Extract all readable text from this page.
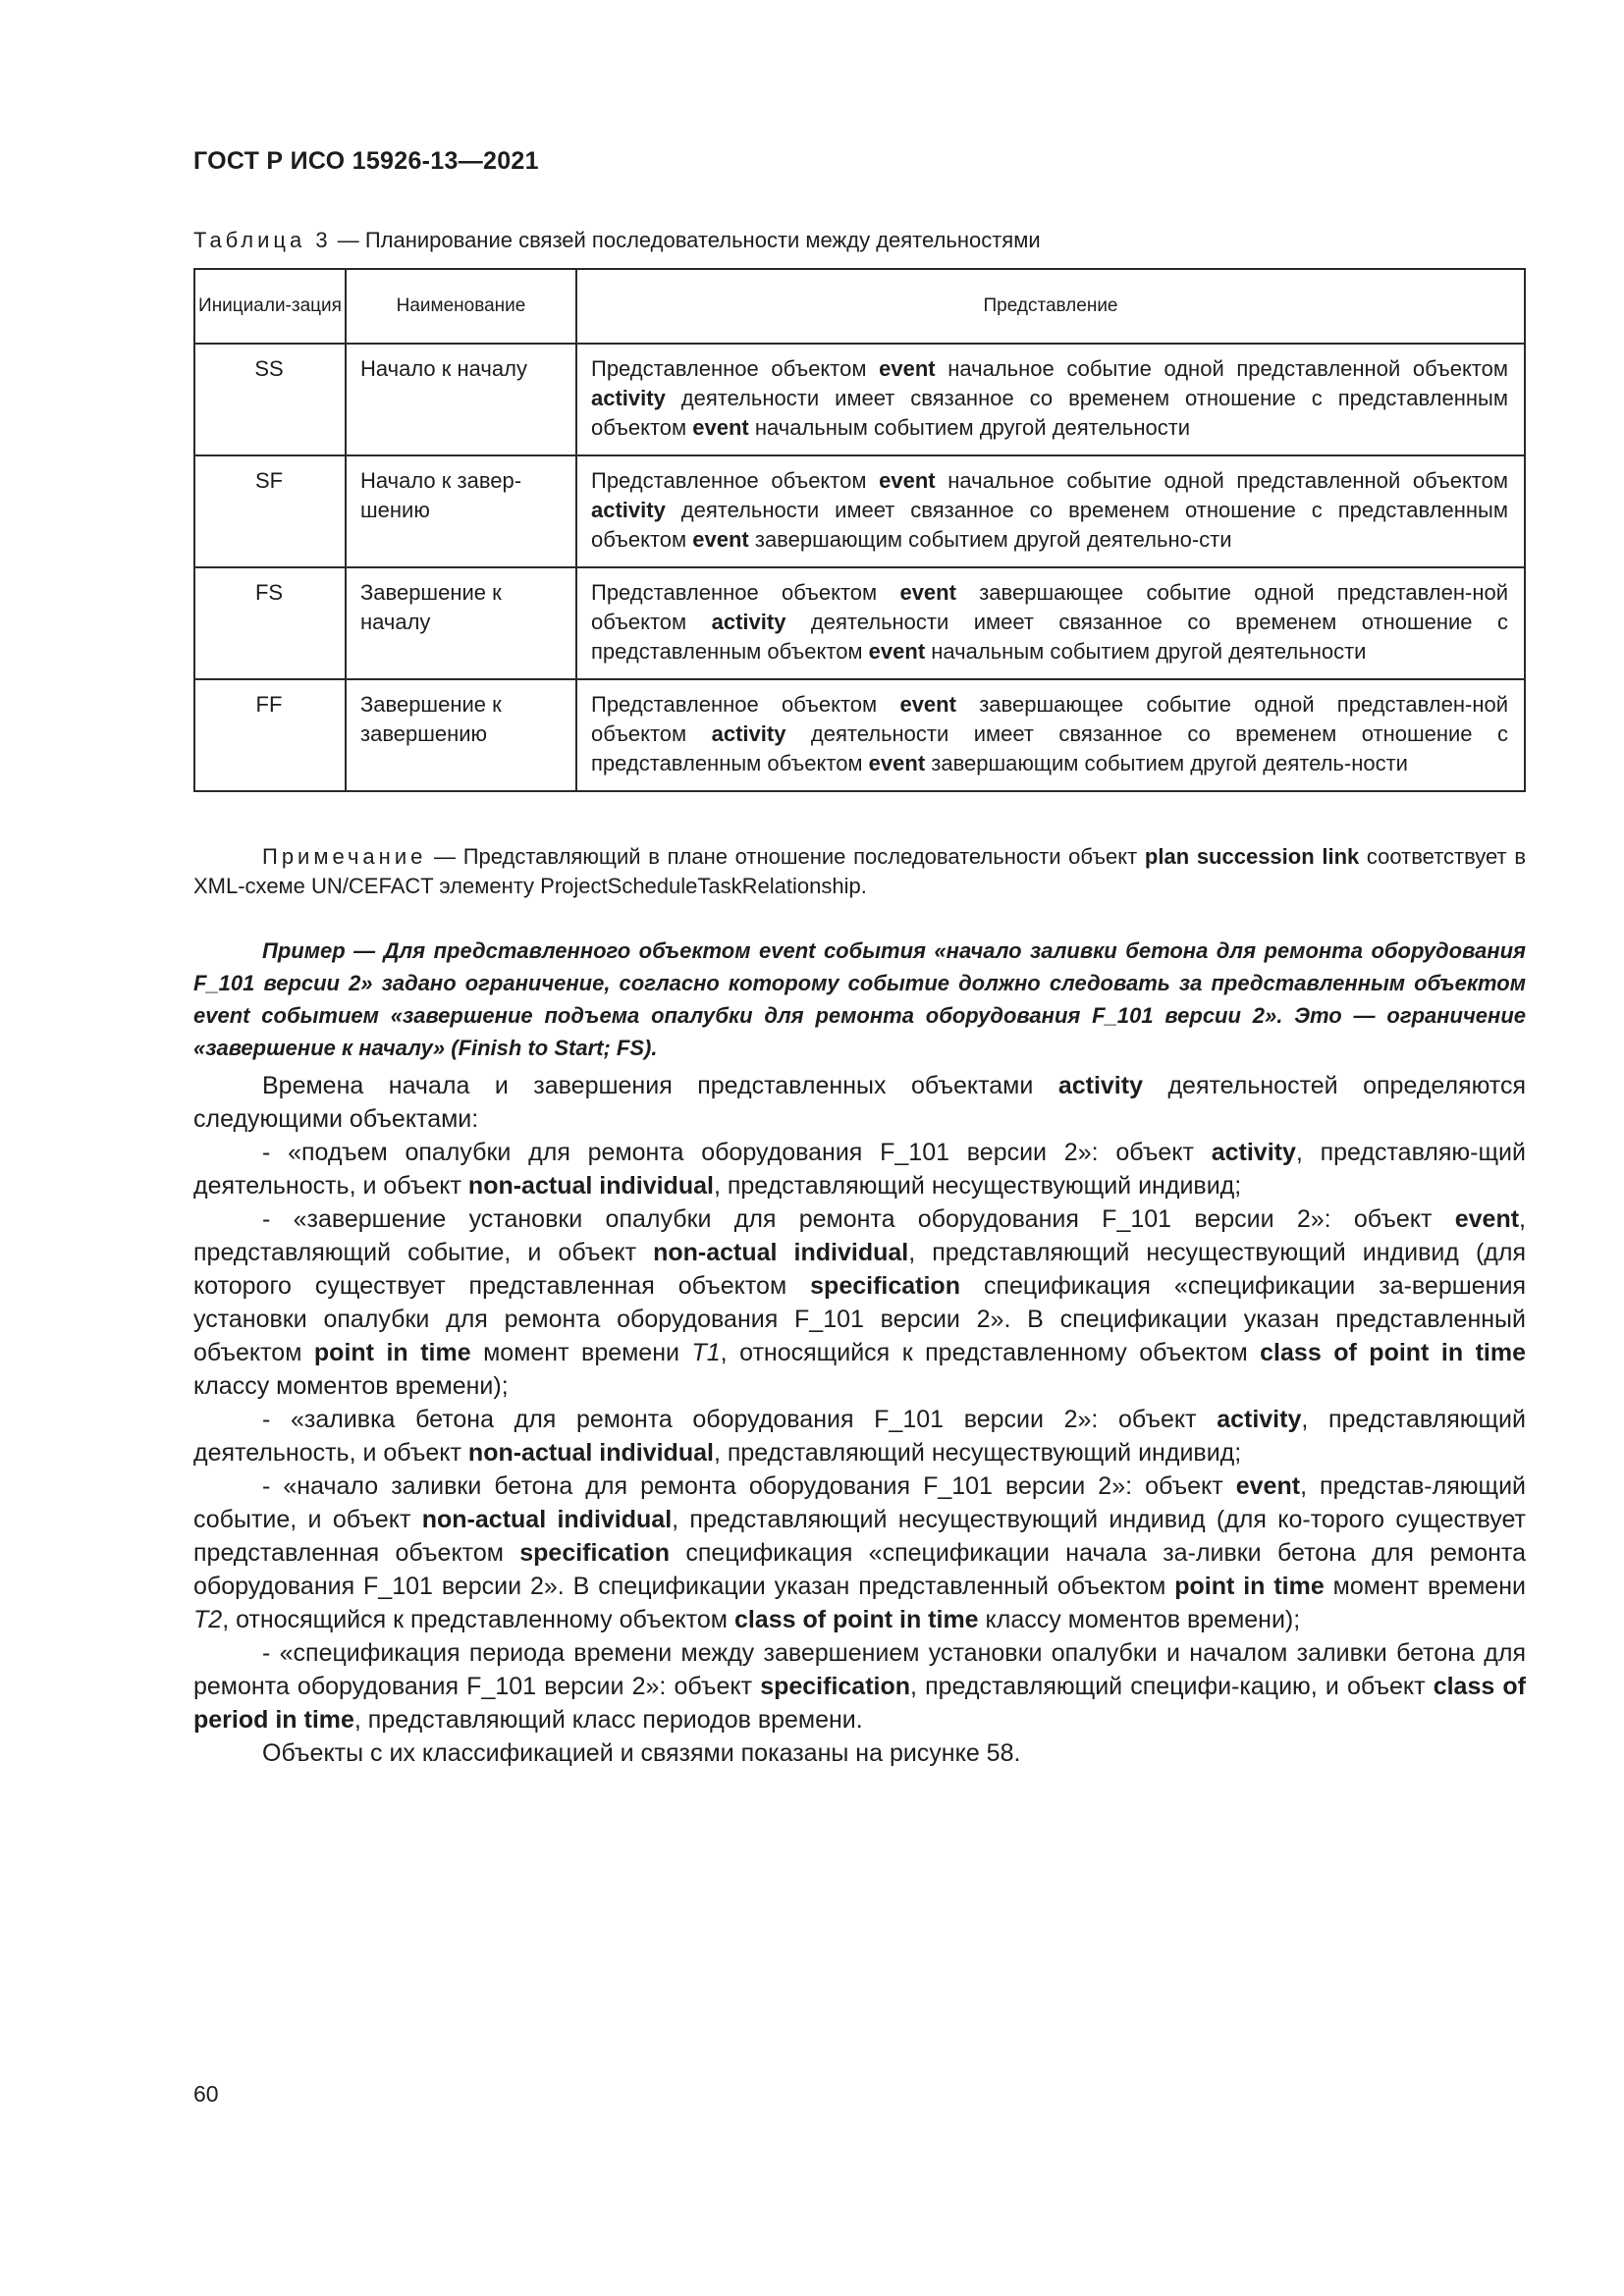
ГОСТ Р ИСО 15926-13—2021
Таблица 3 — Планирование связей последовательности между деятельностями
Инициали-зация	Наименование	Представление
SS	Начало к началу	Представленное объектом event начальное событие одной представленной объектом activity деятельности имеет связанное со временем отношение с представленным объектом event начальным событием другой деятельности
SF	Начало к завер-шению	Представленное объектом event начальное событие одной представленной объектом activity деятельности имеет связанное со временем отношение с представленным объектом event завершающим событием другой деятельно-сти
FS	Завершение к началу	Представленное объектом event завершающее событие одной представлен-ной объектом activity деятельности имеет связанное со временем отношение с представленным объектом event начальным событием другой деятельности
FF	Завершение к завершению	Представленное объектом event завершающее событие одной представлен-ной объектом activity деятельности имеет связанное со временем отношение с представленным объектом event завершающим событием другой деятель-ности
Примечание — Представляющий в плане отношение последовательности объект plan succession link соответствует в XML-схеме UN/CEFACT элементу ProjectScheduleTaskRelationship.
Пример — Для представленного объектом event события «начало заливки бетона для ремонта оборудования F_101 версии 2» задано ограничение, согласно которому событие должно следовать за представленным объектом event событием «завершение подъема опалубки для ремонта оборудования F_101 версии 2». Это — ограничение «завершение к началу» (Finish to Start; FS).

Времена начала и завершения представленных объектами activity деятельностей определяются следующими объектами:

- «подъем опалубки для ремонта оборудования F_101 версии 2»: объект activity, представляю-щий деятельность, и объект non-actual individual, представляющий несуществующий индивид;

- «завершение установки опалубки для ремонта оборудования F_101 версии 2»: объект event, представляющий событие, и объект non-actual individual, представляющий несуществующий индивид (для которого существует представленная объектом specification спецификация «спецификации за-вершения установки опалубки для ремонта оборудования F_101 версии 2». В спецификации указан представленный объектом point in time момент времени T1, относящийся к представленному объектом class of point in time классу моментов времени);

- «заливка бетона для ремонта оборудования F_101 версии 2»: объект activity, представляющий деятельность, и объект non-actual individual, представляющий несуществующий индивид;

- «начало заливки бетона для ремонта оборудования F_101 версии 2»: объект event, представ-ляющий событие, и объект non-actual individual, представляющий несуществующий индивид (для ко-торого существует представленная объектом specification спецификация «спецификации начала за-ливки бетона для ремонта оборудования F_101 версии 2». В спецификации указан представленный объектом point in time момент времени T2, относящийся к представленному объектом class of point in time классу моментов времени);

- «спецификация периода времени между завершением установки опалубки и началом заливки бетона для ремонта оборудования F_101 версии 2»: объект specification, представляющий специфи-кацию, и объект class of period in time, представляющий класс периодов времени.

Объекты с их классификацией и связями показаны на рисунке 58.

60
